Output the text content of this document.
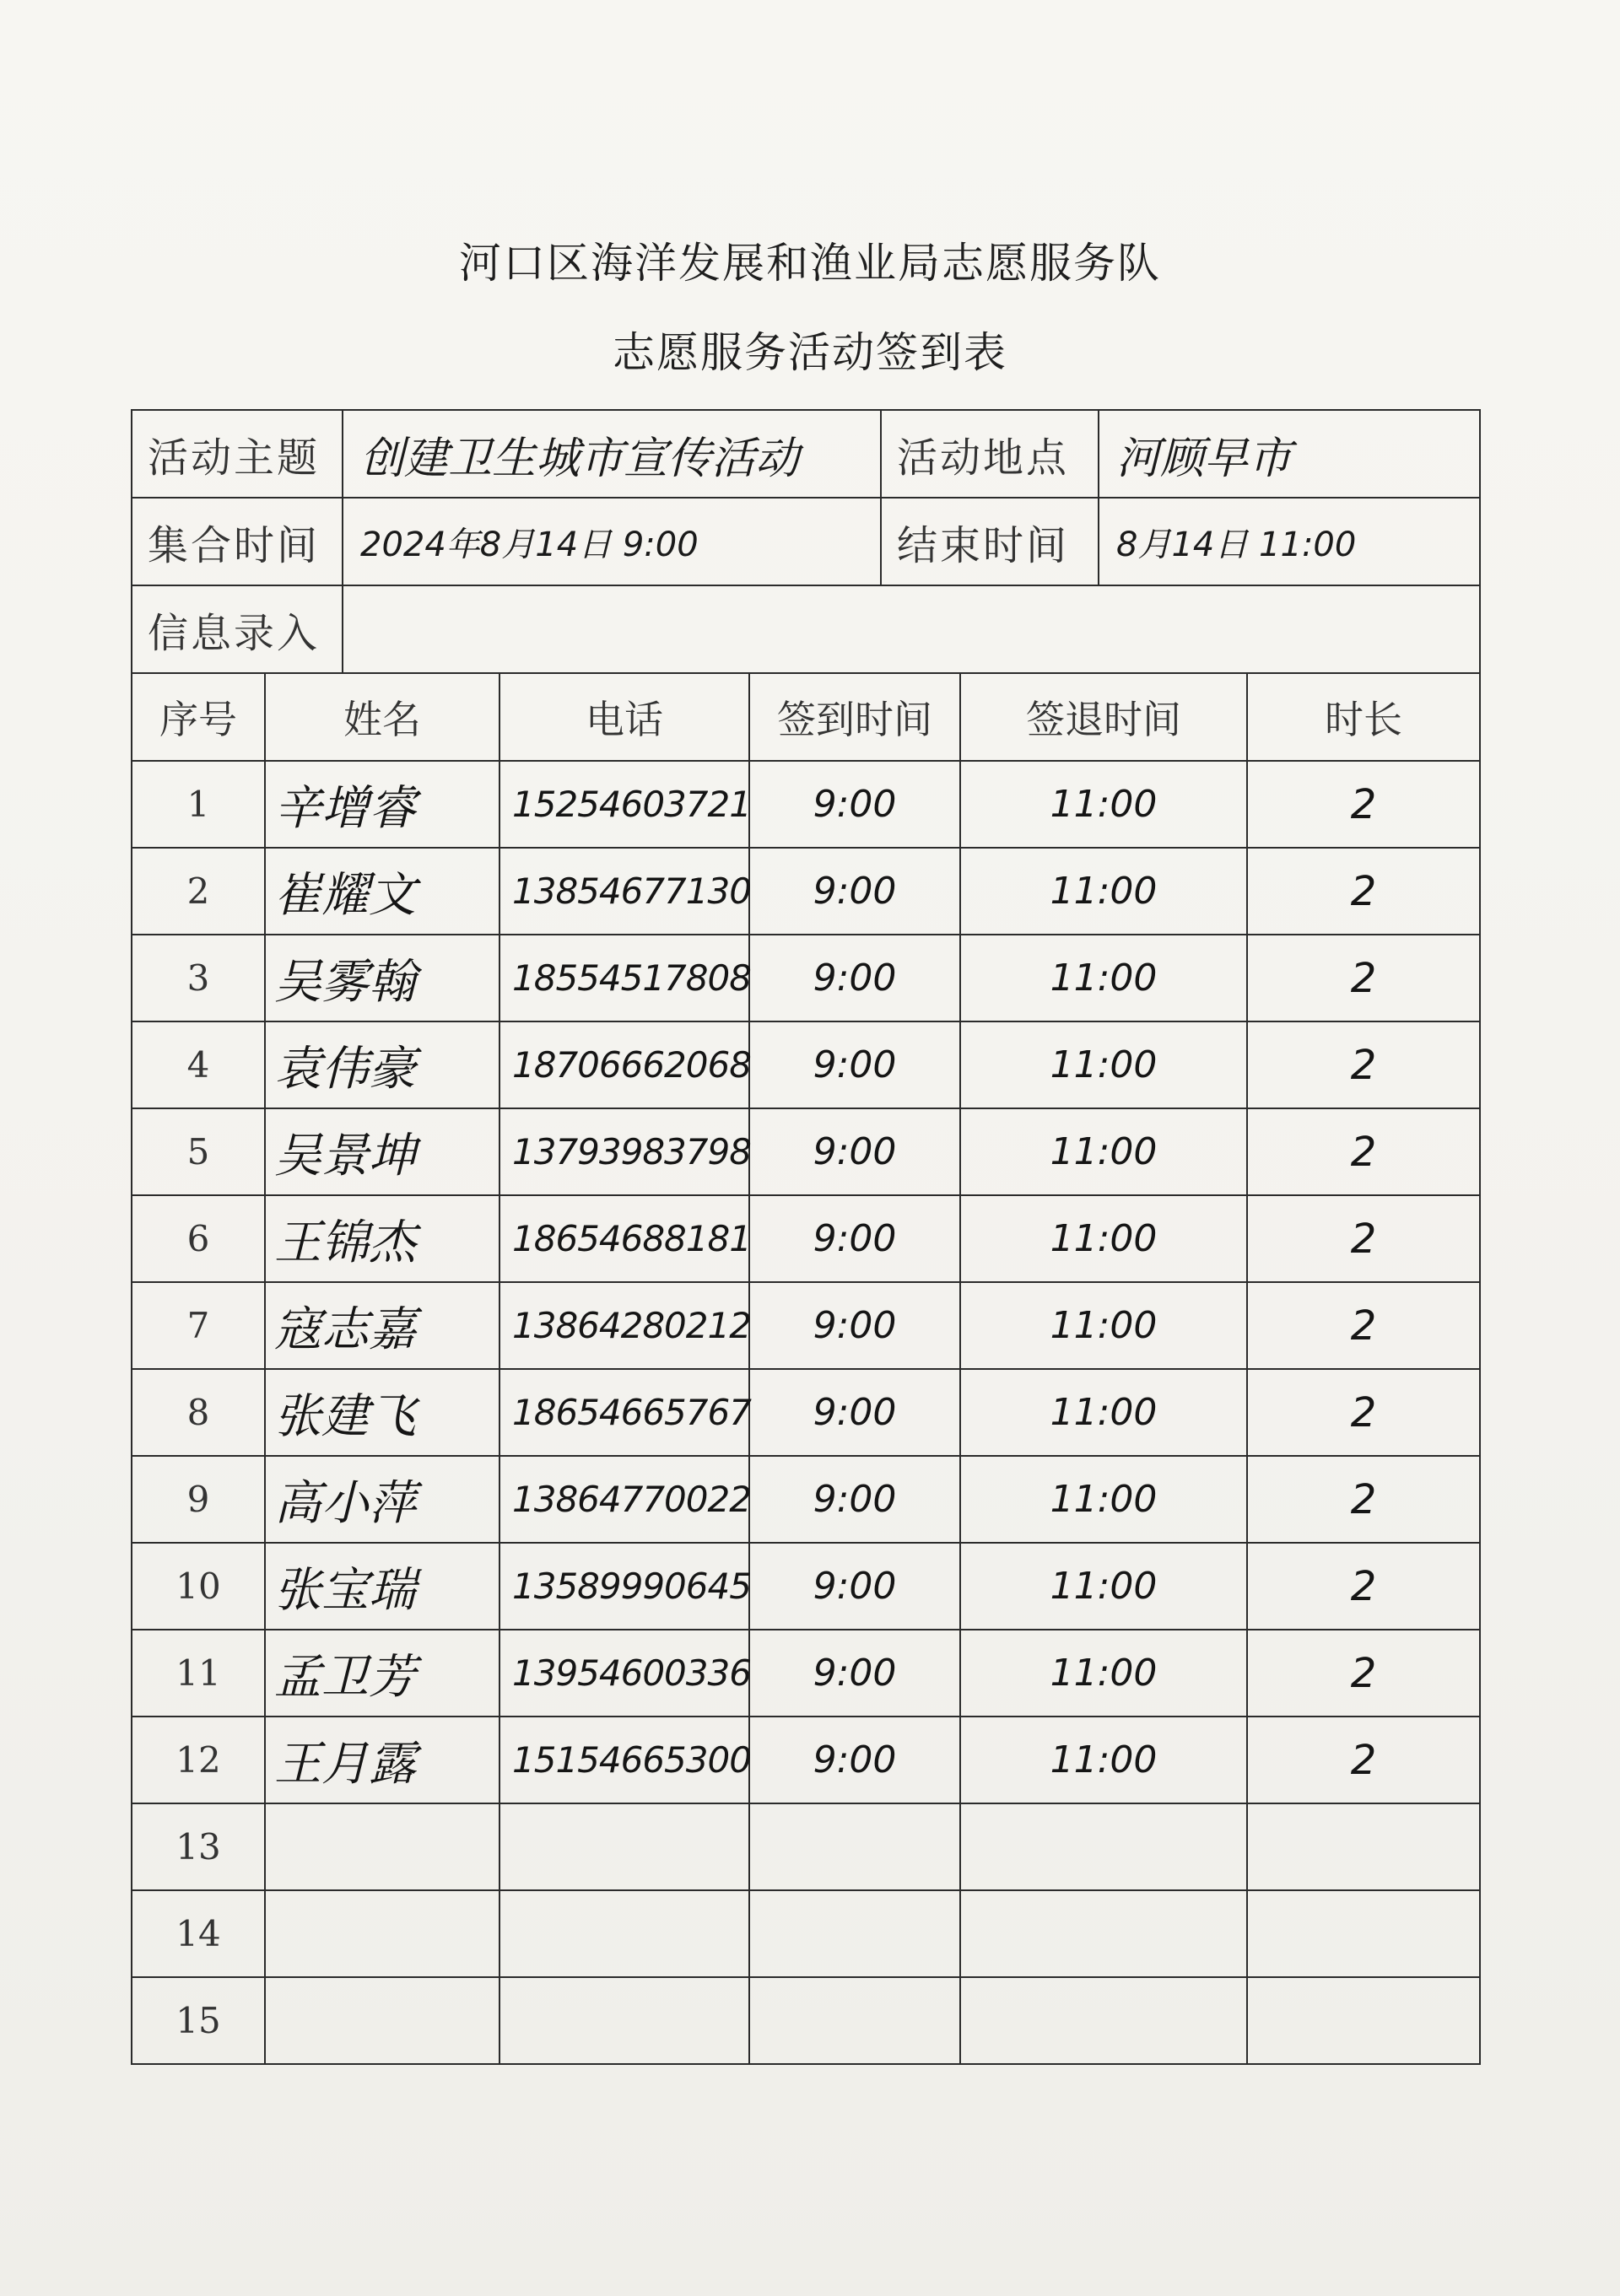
河口区海洋发展和渔业局志愿服务队
志愿服务活动签到表
活动主题	创建卫生城市宣传活动	活动地点	河顾早市
集合时间	2024年8月14日 9:00	结束时间	8月14日 11:00
信息录入			
序号	姓名	电话	签到时间	签退时间	时长
1	辛增睿	15254603721	9:00	11:00	2
2	崔耀文	13854677130	9:00	11:00	2
3	吴雾翰	18554517808	9:00	11:00	2
4	袁伟豪	18706662068	9:00	11:00	2
5	吴景坤	13793983798	9:00	11:00	2
6	王锦杰	18654688181	9:00	11:00	2
7	寇志嘉	13864280212	9:00	11:00	2
8	张建飞	18654665767	9:00	11:00	2
9	高小萍	13864770022	9:00	11:00	2
10	张宝瑞	13589990645	9:00	11:00	2
11	孟卫芳	13954600336	9:00	11:00	2
12	王月露	15154665300	9:00	11:00	2
13					
14					
15					
